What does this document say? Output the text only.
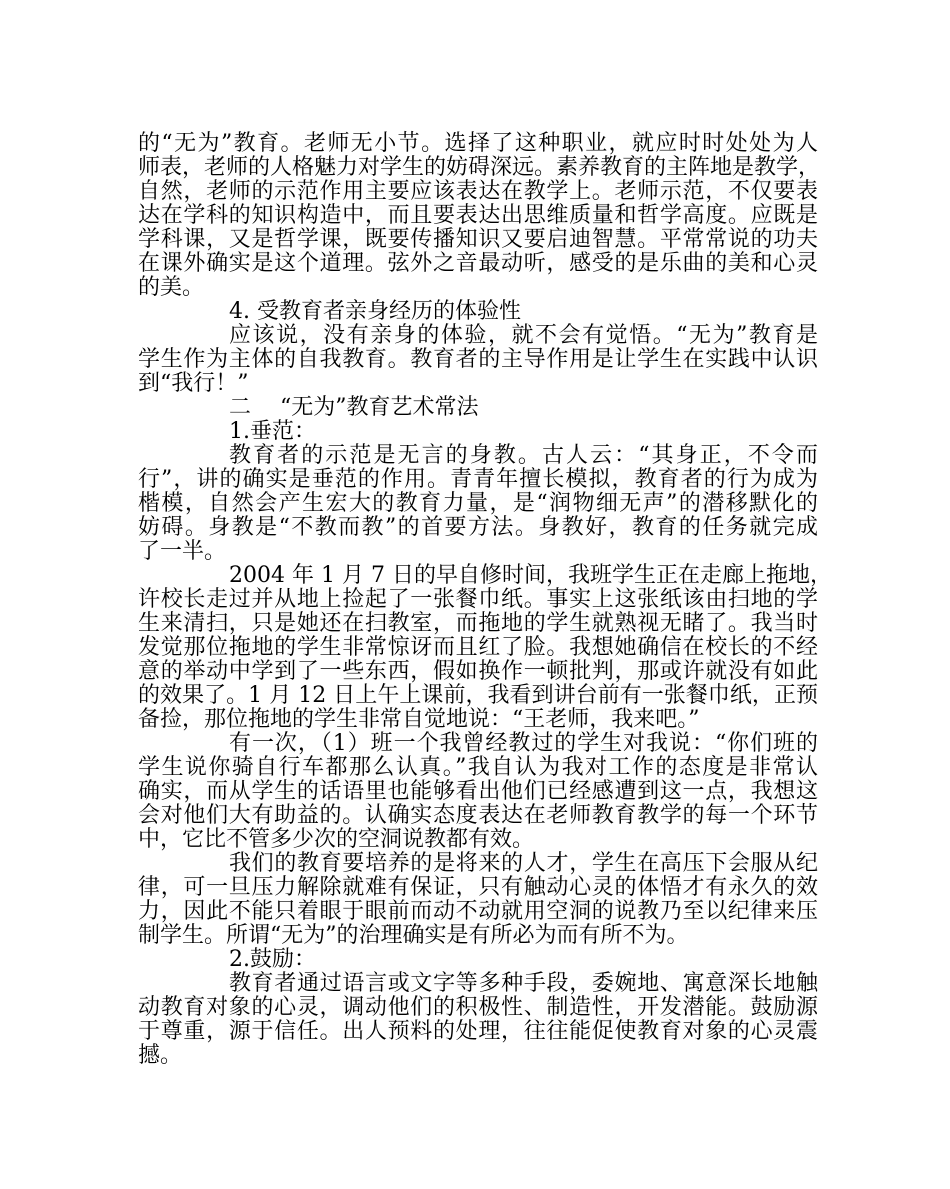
的“无为”教育。老师无小节。选择了这种职业，就应时时处处为人
师表，老师的人格魅力对学生的妨碍深远。素养教育的主阵地是教学，
自然，老师的示范作用主要应该表达在教学上。老师示范，不仅要表
达在学科的知识构造中，而且要表达出思维质量和哲学高度。应既是
学科课，又是哲学课，既要传播知识又要启迪智慧。平常常说的功夫
在课外确实是这个道理。弦外之音最动听，感受的是乐曲的美和心灵
的美。
4. 受教育者亲身经历的体验性
应该说，没有亲身的体验，就不会有觉悟。“无为”教育是
学生作为主体的自我教育。教育者的主导作用是让学生在实践中认识
到“我行！”
二　 “无为”教育艺术常法
1.垂范：
教育者的示范是无言的身教。古人云：“其身正，不令而
行”，讲的确实是垂范的作用。青青年擅长模拟，教育者的行为成为
楷模，自然会产生宏大的教育力量，是“润物细无声”的潜移默化的
妨碍。身教是“不教而教”的首要方法。身教好，教育的任务就完成
了一半。
2004 年 1 月 7 日的早自修时间，我班学生正在走廊上拖地，
许校长走过并从地上捡起了一张餐巾纸。事实上这张纸该由扫地的学
生来清扫，只是她还在扫教室，而拖地的学生就熟视无睹了。我当时
发觉那位拖地的学生非常惊讶而且红了脸。我想她确信在校长的不经
意的举动中学到了一些东西，假如换作一顿批判，那或许就没有如此
的效果了。1 月 12 日上午上课前，我看到讲台前有一张餐巾纸，正预
备捡，那位拖地的学生非常自觉地说：“王老师，我来吧。”
有一次，（1）班一个我曾经教过的学生对我说：“你们班的
学生说你骑自行车都那么认真。”我自认为我对工作的态度是非常认
确实，而从学生的话语里也能够看出他们已经感遭到这一点，我想这
会对他们大有助益的。认确实态度表达在老师教育教学的每一个环节
中，它比不管多少次的空洞说教都有效。
我们的教育要培养的是将来的人才，学生在高压下会服从纪
律，可一旦压力解除就难有保证，只有触动心灵的体悟才有永久的效
力，因此不能只着眼于眼前而动不动就用空洞的说教乃至以纪律来压
制学生。所谓“无为”的治理确实是有所必为而有所不为。
2.鼓励：
教育者通过语言或文字等多种手段，委婉地、寓意深长地触
动教育对象的心灵，调动他们的积极性、制造性，开发潜能。鼓励源
于尊重，源于信任。出人预料的处理，往往能促使教育对象的心灵震
撼。
